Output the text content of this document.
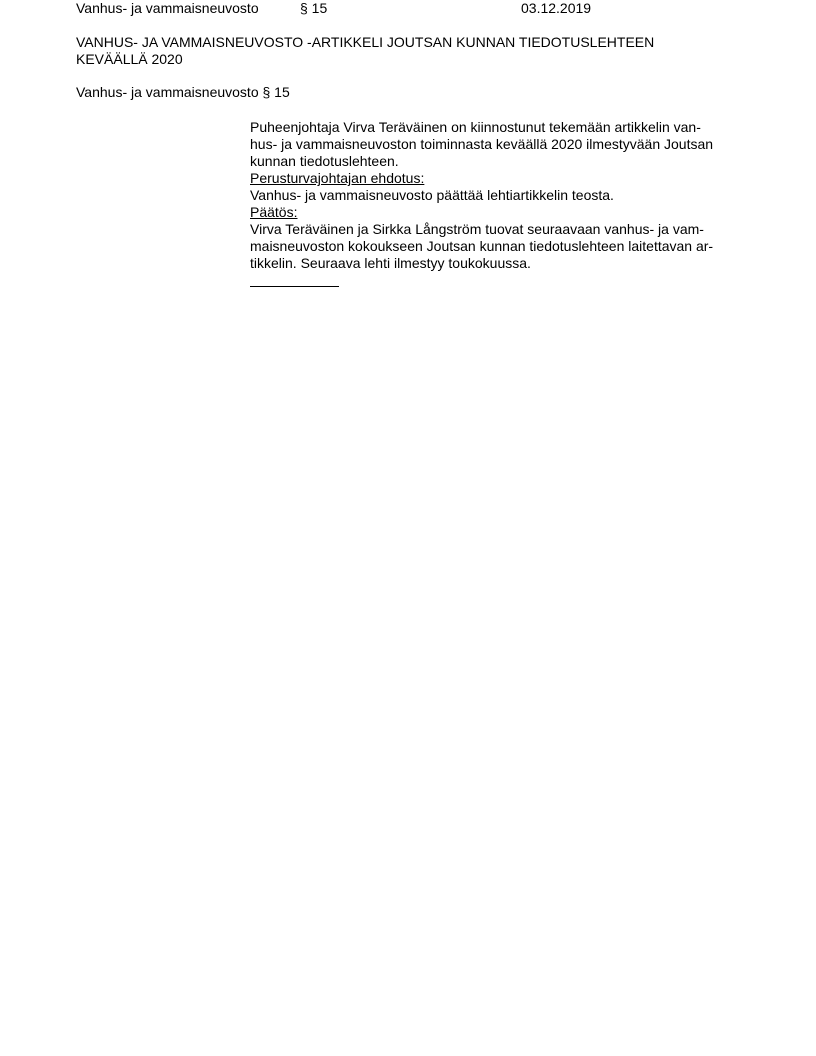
Vanhus- ja vammaisneuvosto	§ 15	03.12.2019
VANHUS- JA VAMMAISNEUVOSTO -ARTIKKELI JOUTSAN KUNNAN TIEDOTUSLEHTEEN
KEVÄÄLLÄ 2020
Vanhus- ja vammaisneuvosto § 15

Puheenjohtaja Virva Teräväinen on kiinnostunut tekemään artikkelin van-
hus- ja vammaisneuvoston toiminnasta keväällä 2020 ilmestyvään Joutsan
kunnan tiedotuslehteen.

Perusturvajohtajan ehdotus:
Vanhus- ja vammaisneuvosto päättää lehtiartikkelin teosta.

Päätös:
Virva Teräväinen ja Sirkka Långström tuovat seuraavaan vanhus- ja vam-
maisneuvoston kokoukseen Joutsan kunnan tiedotuslehteen laitettavan ar-
tikkelin. Seuraava lehti ilmestyy toukokuussa.
